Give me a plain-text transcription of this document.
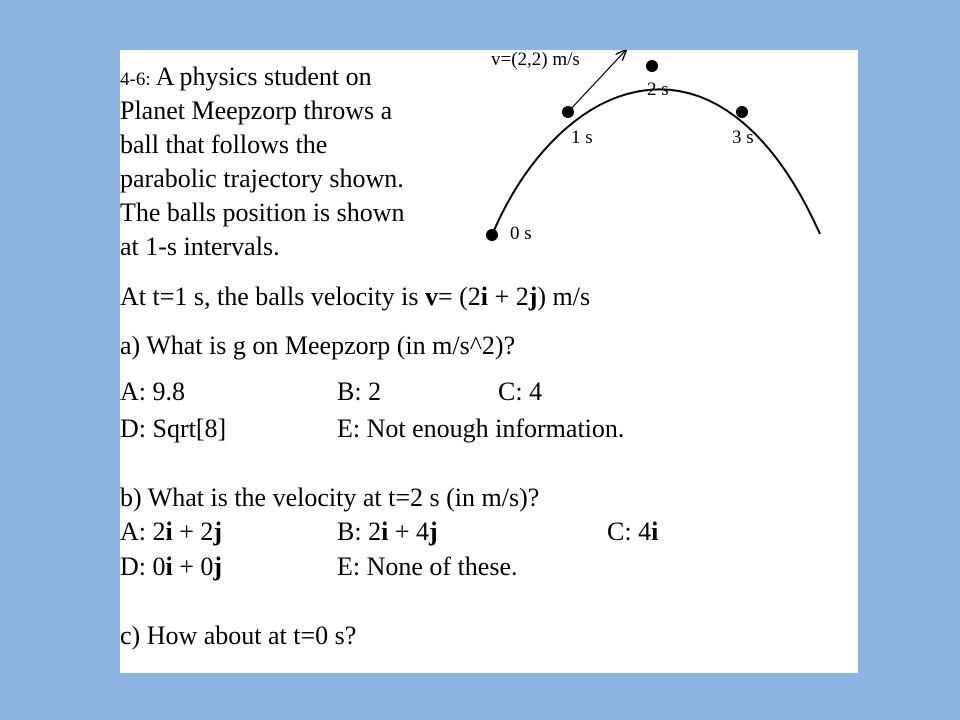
4-6: A physics student on
Planet Meepzorp throws a
ball that follows the
parabolic trajectory shown.
The balls position is shown
at 1-s intervals.
v=(2,2) m/s
0 s
1 s
2 s
3 s
At t=1 s, the balls velocity is v= (2i + 2j) m/s
a) What is g on Meepzorp (in m/s^2)?
A: 9.8	B: 2	C: 4
D: Sqrt[8]	E: Not enough information.
b) What is the velocity at t=2 s (in m/s)?
A: 2i + 2j	B: 2i + 4j	C: 4i
D: 0i + 0j	E: None of these.
c) How about at t=0 s?
